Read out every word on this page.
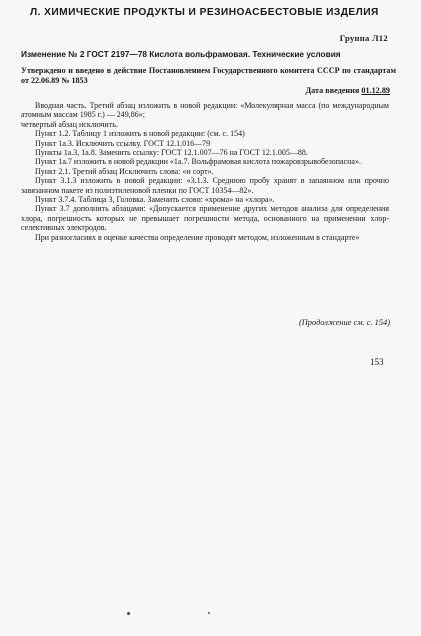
Л. ХИМИЧЕСКИЕ ПРОДУКТЫ И РЕЗИНОАСБЕСТОВЫЕ ИЗДЕЛИЯ
Группа Л12
Изменение № 2 ГОСТ 2197—78 Кислота вольфрамовая. Технические условия
Утверждено и введено в действие Постановлением Государственного комитета СССР по стандартам от 22.06.89 № 1853
Дата введения 01.12.89

Вводная часть. Третий абзац изложить в новой редакции: «Молекулярная масса (по международным атомным массам 1985 г.) — 249,86»;

четвертый абзац исключить.

Пункт 1.2. Таблицу 1 изложить в новой редакции: (см. с. 154)

Пункт 1а.3. Исключить ссылку. ГОСТ 12.1.016—79

Пункты 1а.3, 1а.8. Заменить ссылку: ГОСТ 12.1.007—76 на ГОСТ 12.1.005—88.

Пункт 1а.7 изложить в новой редакции «1а.7. Вольфрамовая кислота пожаровзрывобезопасна».

Пункт 2.1. Третий абзац Исключить слова: «и сорт».

Пункт 3.1.3 изложить в новой редакции: «3.1.3. Среднюю пробу хранят в запаянном или прочно завязанном пакете из полиэтиленовой пленки по ГОСТ 10354—82».

Пункт 3.7.4. Таблица 3, Головка. Заменить слово: «хрома» на «хлора».

Пункт 3.7 дополнить абзацами: «Допускается применение других методов анализа для определения хлора, погрешность которых не превышает погрешности метода, основанного на применении хлор-селективных электродов.

При разногласиях в оценке качества определение проводят методом, изложенным в стандарте»

(Продолжение см. с. 154)
153
